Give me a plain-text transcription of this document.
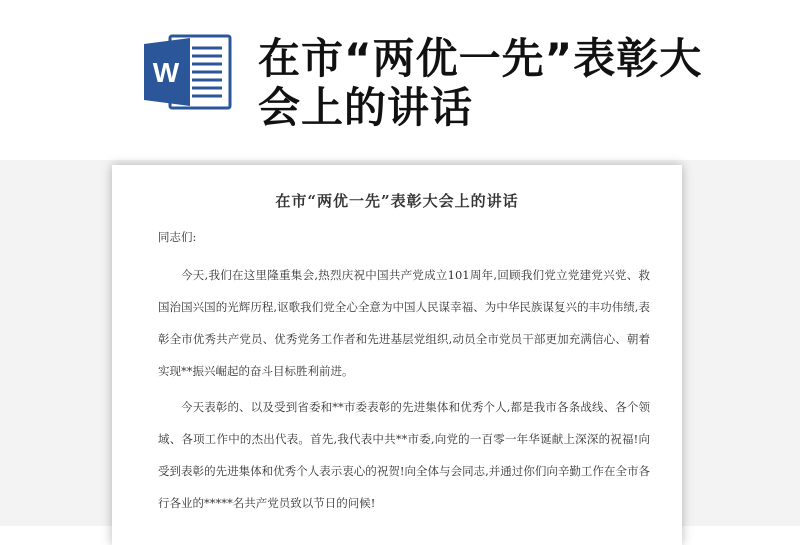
W 在市“两优一先”表彰大会上的讲话
在市“两优一先”表彰大会上的讲话

同志们:

今天,我们在这里隆重集会,热烈庆祝中国共产党成立101周年,回顾我们党立党建党兴党、救国治国兴国的光辉历程,讴歌我们党全心全意为中国人民谋幸福、为中华民族谋复兴的丰功伟绩,表彰全市优秀共产党员、优秀党务工作者和先进基层党组织,动员全市党员干部更加充满信心、朝着实现**振兴崛起的奋斗目标胜利前进。

今天表彰的、以及受到省委和**市委表彰的先进集体和优秀个人,都是我市各条战线、各个领域、各项工作中的杰出代表。首先,我代表中共**市委,向党的一百零一年华诞献上深深的祝福!向受到表彰的先进集体和优秀个人表示衷心的祝贺!向全体与会同志,并通过你们向辛勤工作在全市各行各业的*****名共产党员致以节日的问候!
